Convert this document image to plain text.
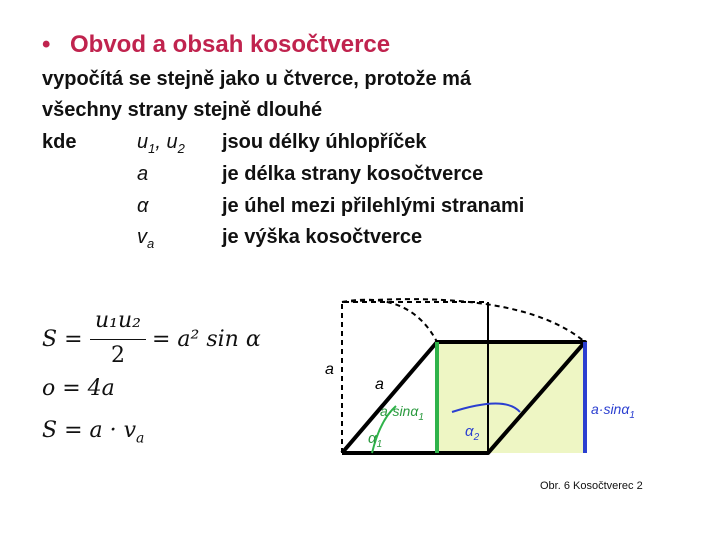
• Obvod a obsah kosočtverce
vypočítá se stejně jako u čtverce, protože má
všechny strany stejně dlouhé
kde	$u_1$, $u_2$ jsou délky úhlopříček
a	je délka strany kosočtverce
α	je úhel mezi přilehlými stranami
$v_a$	je výška kosočtverce
S =
u₁u₂
2
= a² sin α
o = 4a
$S = a \cdot v_a$
a
a
a·sinα$_1$
a·sinα$_1$
$\alpha_1$
$\alpha_2$
Obr. 6 Kosočtverec 2
